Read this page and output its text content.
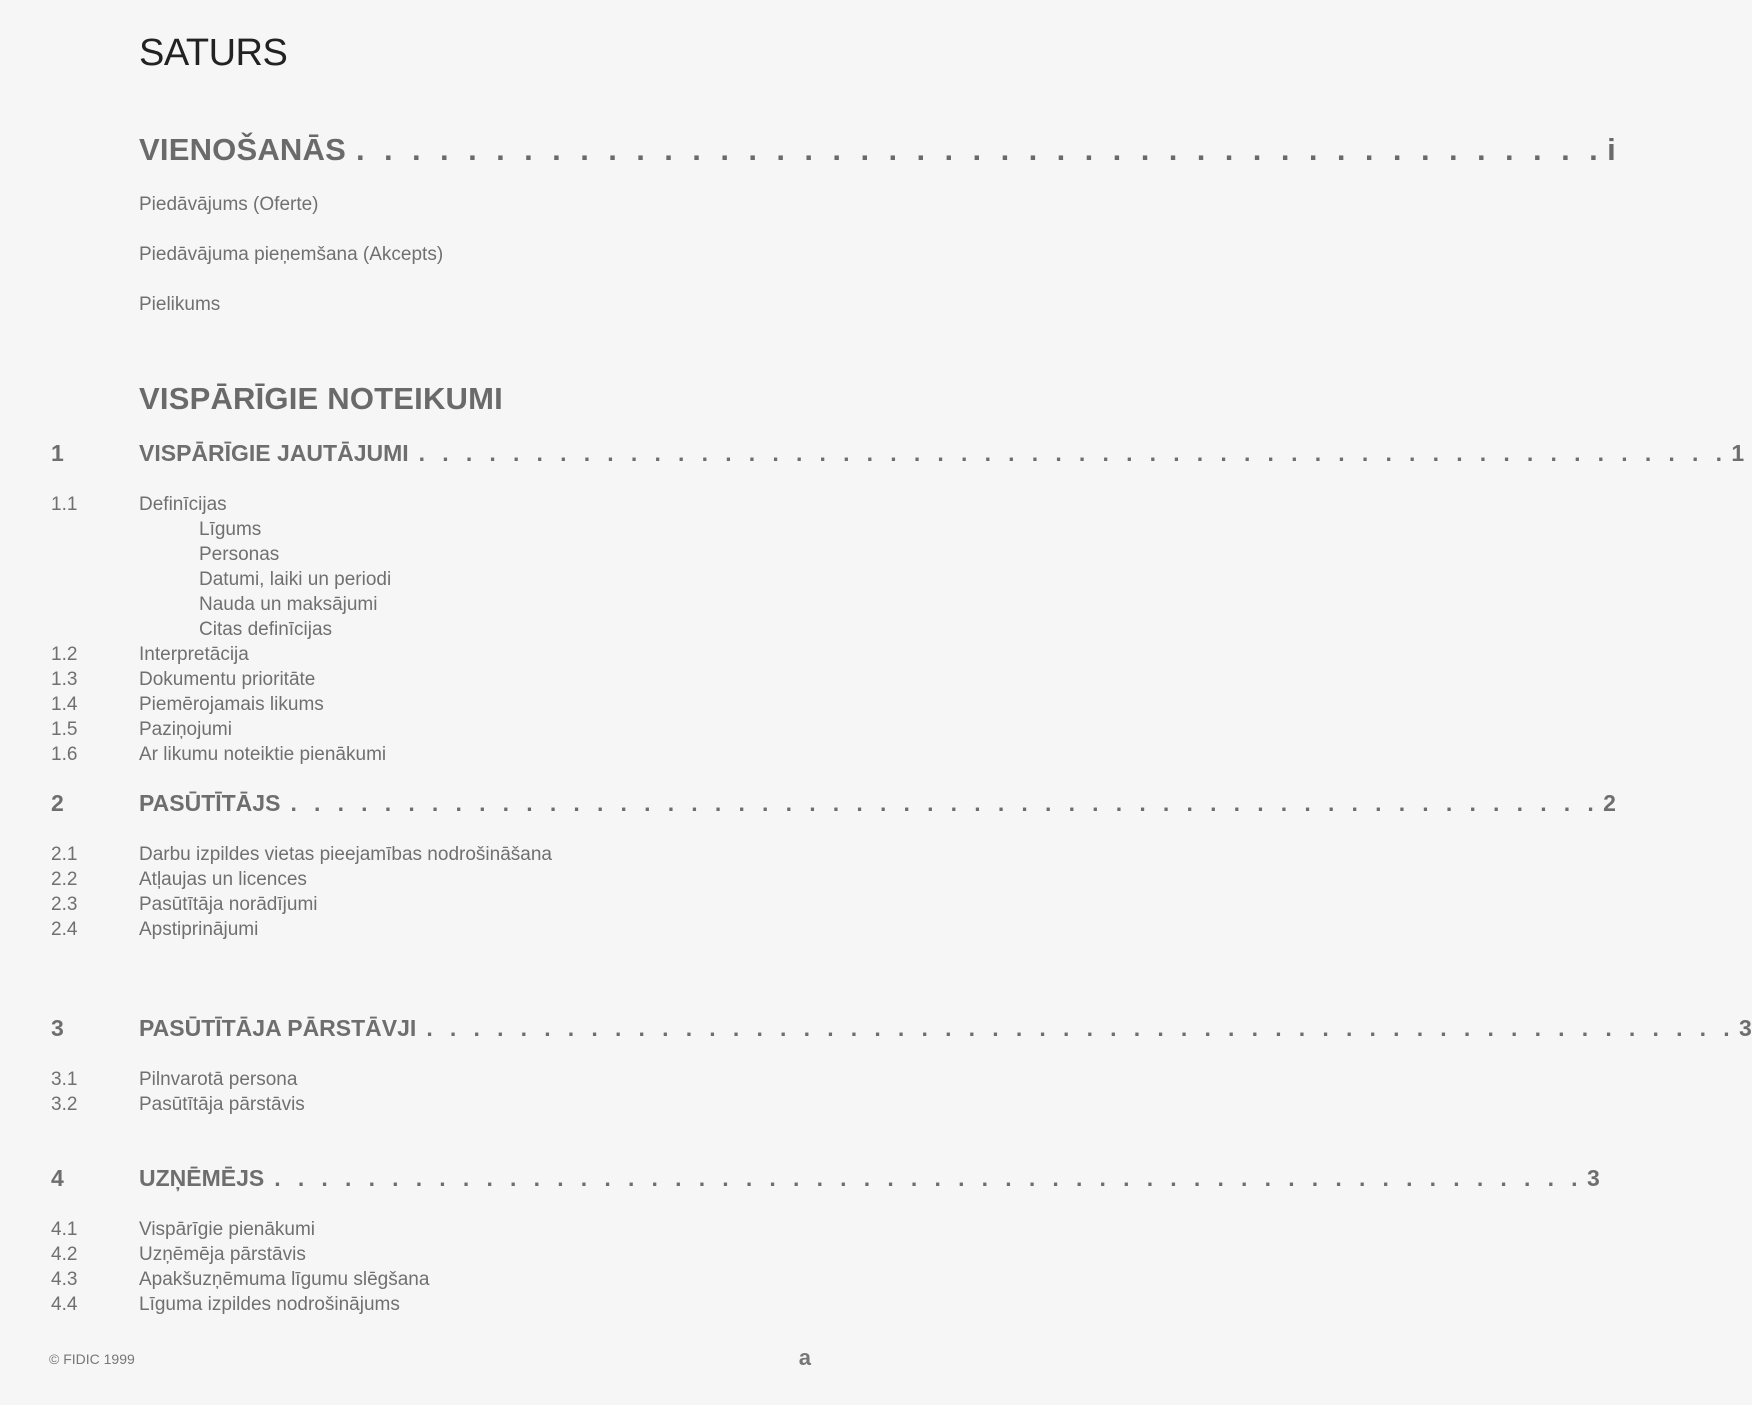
SATURS
VIENOŠANĀS . . . . . . . . . . . . . . . . . . . . . . . . . . . . . . . . . . . . . . . . . . . . . i
Piedāvājums (Oferte)
Piedāvājuma pieņemšana (Akcepts)
Pielikums
VISPĀRĪGIE NOTEIKUMI
1	VISPĀRĪGIE JAUTĀJUMI . . . . . . . . . . . . . . . . . . . . . . . . . . . . . . . . . . . . . . . . . . . . . . . . . . . . . . . . 1
1.1	Definīcijas
Līgums
Personas
Datumi, laiki un periodi
Nauda un maksājumi
Citas definīcijas
1.2	Interpretācija
1.3	Dokumentu prioritāte
1.4	Piemērojamais likums
1.5	Paziņojumi
1.6	Ar likumu noteiktie pienākumi
2	PASŪTĪTĀJS . . . . . . . . . . . . . . . . . . . . . . . . . . . . . . . . . . . . . . . . . . . . . . . . . . . . . . . . 2
2.1	Darbu izpildes vietas pieejamības nodrošināšana
2.2	Atļaujas un licences
2.3	Pasūtītāja norādījumi
2.4	Apstiprinājumi
3	PASŪTĪTĀJA PĀRSTĀVJI . . . . . . . . . . . . . . . . . . . . . . . . . . . . . . . . . . . . . . . . . . . . . . . . . . . . . . . . 3
3.1	Pilnvarotā persona
3.2	Pasūtītāja pārstāvis
4	UZŅĒMĒJS . . . . . . . . . . . . . . . . . . . . . . . . . . . . . . . . . . . . . . . . . . . . . . . . . . . . . . . . 3
4.1	Vispārīgie pienākumi
4.2	Uzņēmēja pārstāvis
4.3	Apakšuzņēmuma līgumu slēgšana
4.4	Līguma izpildes nodrošinājums
© FIDIC 1999	a
